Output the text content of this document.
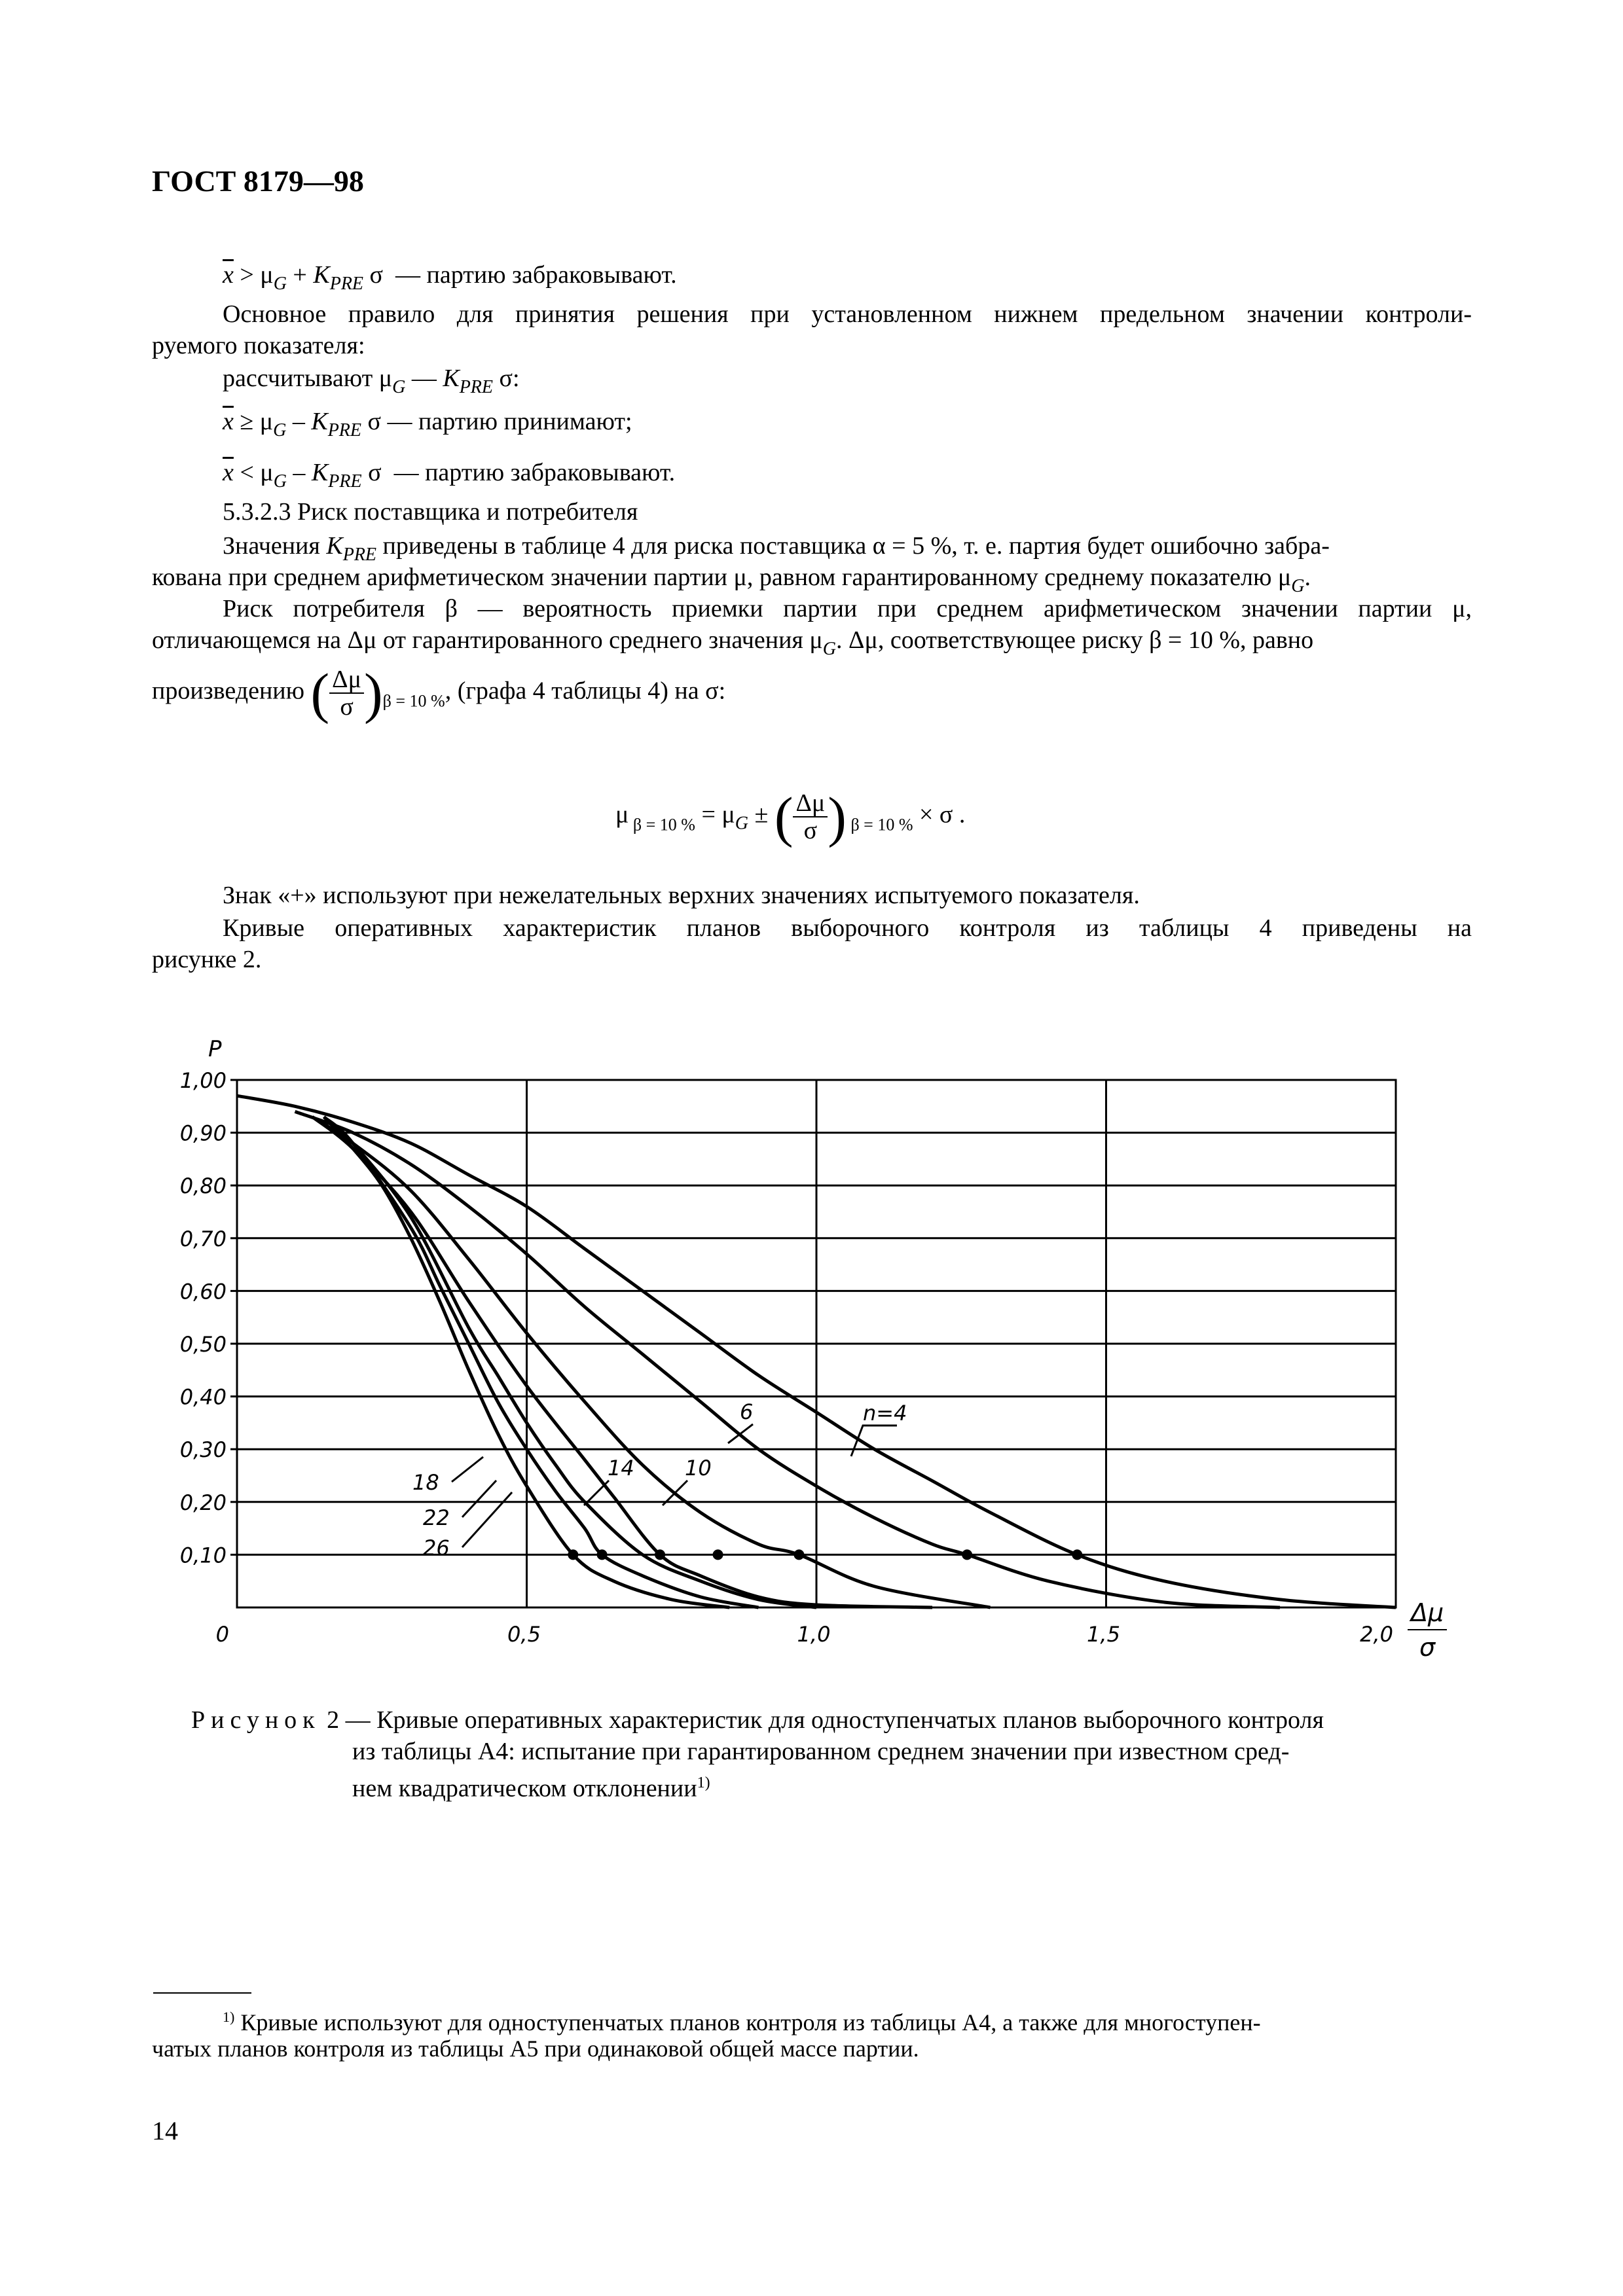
ГОСТ 8179—98
$\overline{x} > \mu_G + K_{PRE}$ σ  — партию забраковывают.
Основное правило для принятия решения при установленном нижнем предельном значении контроли-
руемого показателя:
рассчитывают $\mu_G$ — $K_{PRE}$ σ:
$\overline{x} \ge \mu_G - K_{PRE}$ σ — партию принимают;
$\overline{x} < \mu_G - K_{PRE}$ σ  — партию забраковывают.
5.3.2.3 Риск поставщика и потребителя
Значения $K_{PRE}$ приведены в таблице 4 для риска поставщика α = 5 %, т. е. партия будет ошибочно забра-
кована при среднем арифметическом значении партии μ, равном гарантированному среднему показателю $\mu_G$.
Риск потребителя β — вероятность приемки партии при среднем арифметическом значении партии μ,
отличающемся на Δμ от гарантированного среднего значения $\mu_G$. Δμ, соответствующее риску β = 10 %, равно
произведению ( $\frac{\Delta\mu}{\sigma} )_{\beta = 10 \%}$, (графа 4 таблицы 4) на σ:
μ $_{\beta = 10 \%} = \mu_G$ ± ( $\frac{\Delta\mu}{\sigma}$ ) $_{\beta = 10 \%}$ × σ .
Знак «+» используют при нежелательных верхних значениях испытуемого показателя.
Кривые оперативных характеристик планов выборочного контроля из таблицы 4 приведены на
рисунке 2.
1,00
0,90
0,80
0,70
0,60
0,50
0,40
0,30
0,20
0,10
0	0,5	1,0	1,5	2,0
n=4
6
10
14
18
22
26
P
Δμ
σ
Рисунок 2 — Кривые оперативных характеристик для одноступенчатых планов выборочного контроля
из таблицы А4: испытание при гарантированном среднем значении при известном сред-
нем квадратическом отклонении$^{1)}$
$^{1)}$ Кривые используют для одноступенчатых планов контроля из таблицы А4, а также для многоступен-
чатых планов контроля из таблицы А5 при одинаковой общей массе партии.
14
